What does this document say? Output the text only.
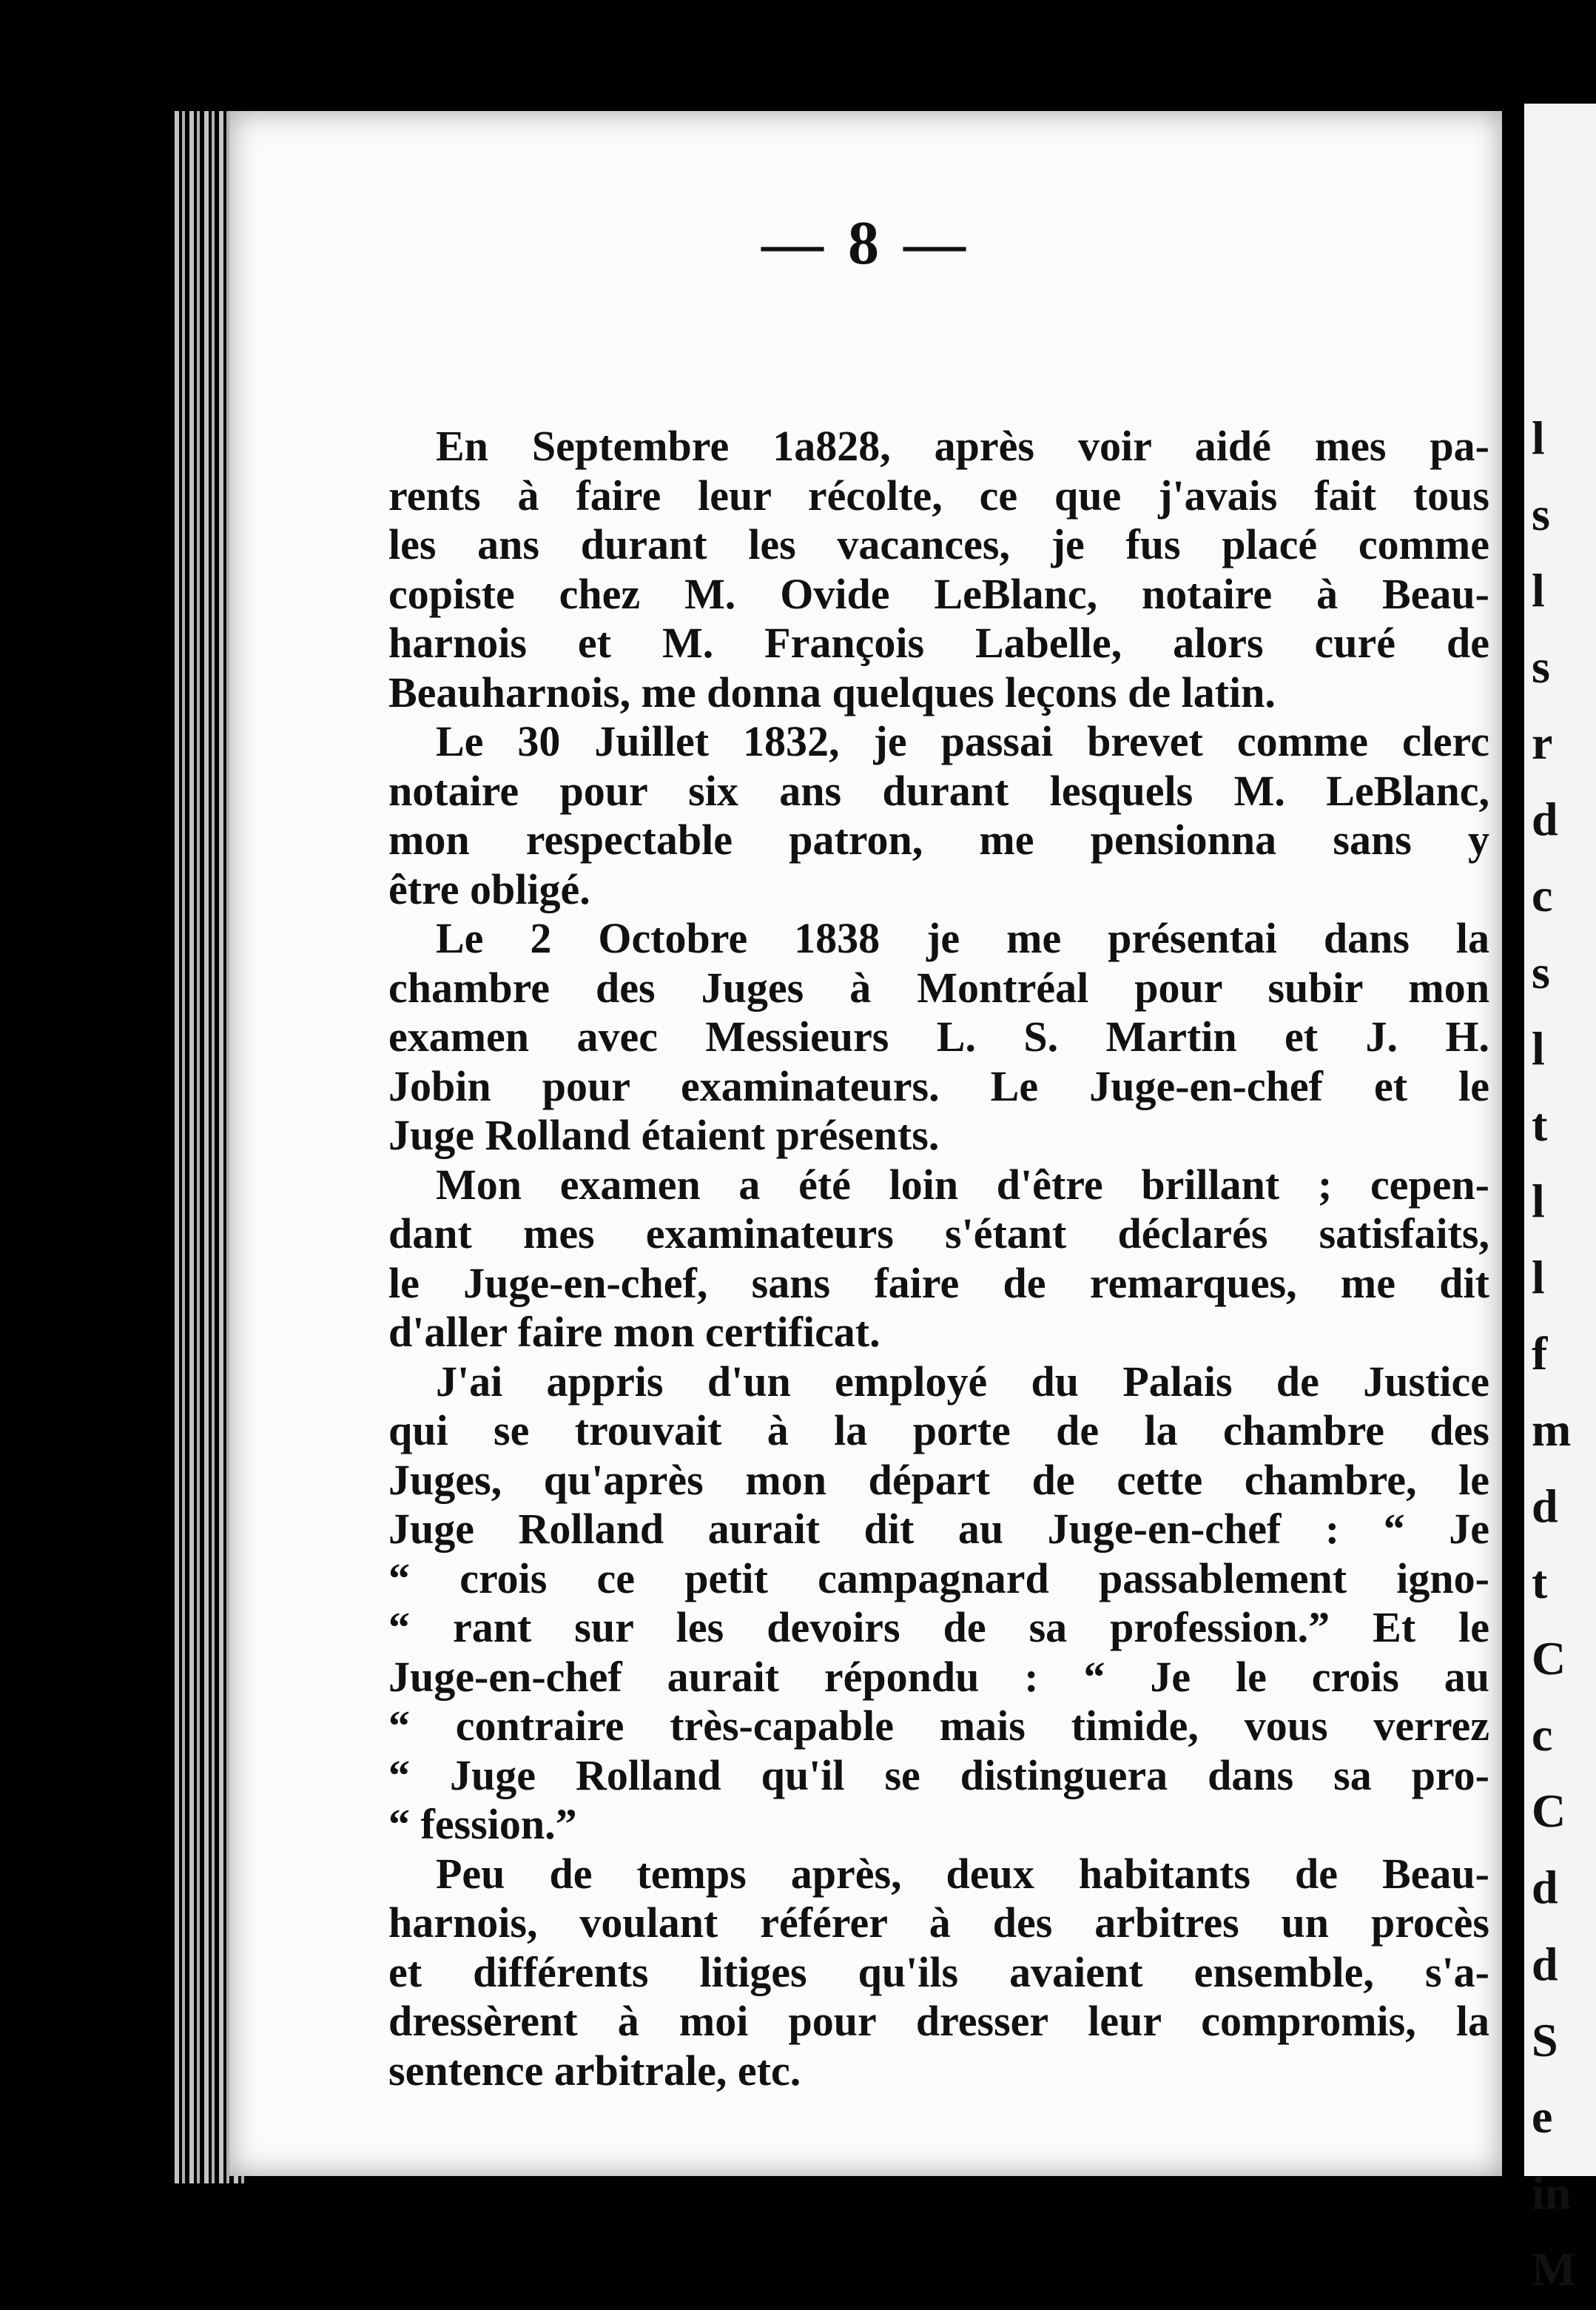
— 8 —
En Septembre 1a828, après voir aidé mes pa-
rents à faire leur récolte, ce que j'avais fait tous
les ans durant les vacances, je fus placé comme
copiste chez M. Ovide LeBlanc, notaire à Beau-
harnois et M. François Labelle, alors curé de
Beauharnois, me donna quelques leçons de latin.
Le 30 Juillet 1832, je passai brevet comme clerc
notaire pour six ans durant lesquels M. LeBlanc,
mon respectable patron, me pensionna sans y
être obligé.
Le 2 Octobre 1838 je me présentai dans la
chambre des Juges à Montréal pour subir mon
examen avec Messieurs L. S. Martin et J. H.
Jobin pour examinateurs. Le Juge-en-chef et le
Juge Rolland étaient présents.
Mon examen a été loin d'être brillant ; cepen-
dant mes examinateurs s'étant déclarés satisfaits,
le Juge-en-chef, sans faire de remarques, me dit
d'aller faire mon certificat.
J'ai appris d'un employé du Palais de Justice
qui se trouvait à la porte de la chambre des
Juges, qu'après mon départ de cette chambre, le
Juge Rolland aurait dit au Juge-en-chef : “ Je
“ crois ce petit campagnard passablement igno-
“ rant sur les devoirs de sa profession.” Et le
Juge-en-chef aurait répondu : “ Je le crois au
“ contraire très-capable mais timide, vous verrez
“ Juge Rolland qu'il se distinguera dans sa pro-
“ fession.”
Peu de temps après, deux habitants de Beau-
harnois, voulant référer à des arbitres un procès
et différents litiges qu'ils avaient ensemble, s'a-
dressèrent à moi pour dresser leur compromis, la
sentence arbitrale, etc.
l
s
l
s
r
d
c
s
l
t
l
l
f
m
d
t
C
c
C
d
d
S
e
in
M
